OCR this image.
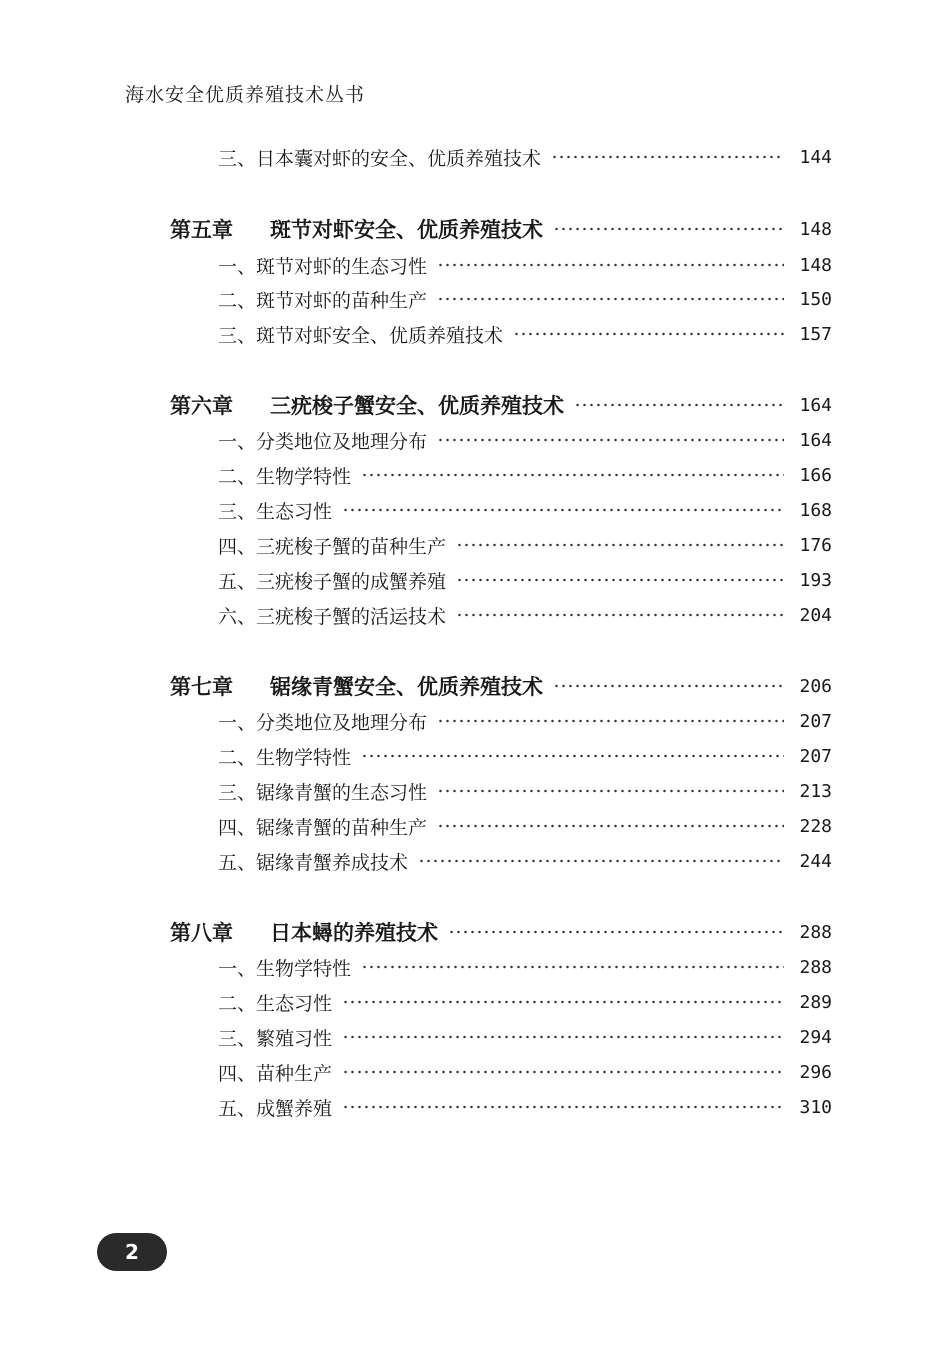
海水安全优质养殖技术丛书
三、日本囊对虾的安全、优质养殖技术	144
第五章 斑节对虾安全、优质养殖技术	148
一、斑节对虾的生态习性	148
二、斑节对虾的苗种生产	150
三、斑节对虾安全、优质养殖技术	157
第六章 三疣梭子蟹安全、优质养殖技术	164
一、分类地位及地理分布	164
二、生物学特性	166
三、生态习性	168
四、三疣梭子蟹的苗种生产	176
五、三疣梭子蟹的成蟹养殖	193
六、三疣梭子蟹的活运技术	204
第七章 锯缘青蟹安全、优质养殖技术	206
一、分类地位及地理分布	207
二、生物学特性	207
三、锯缘青蟹的生态习性	213
四、锯缘青蟹的苗种生产	228
五、锯缘青蟹养成技术	244
第八章 日本蟳的养殖技术	288
一、生物学特性	288
二、生态习性	289
三、繁殖习性	294
四、苗种生产	296
五、成蟹养殖	310
2
